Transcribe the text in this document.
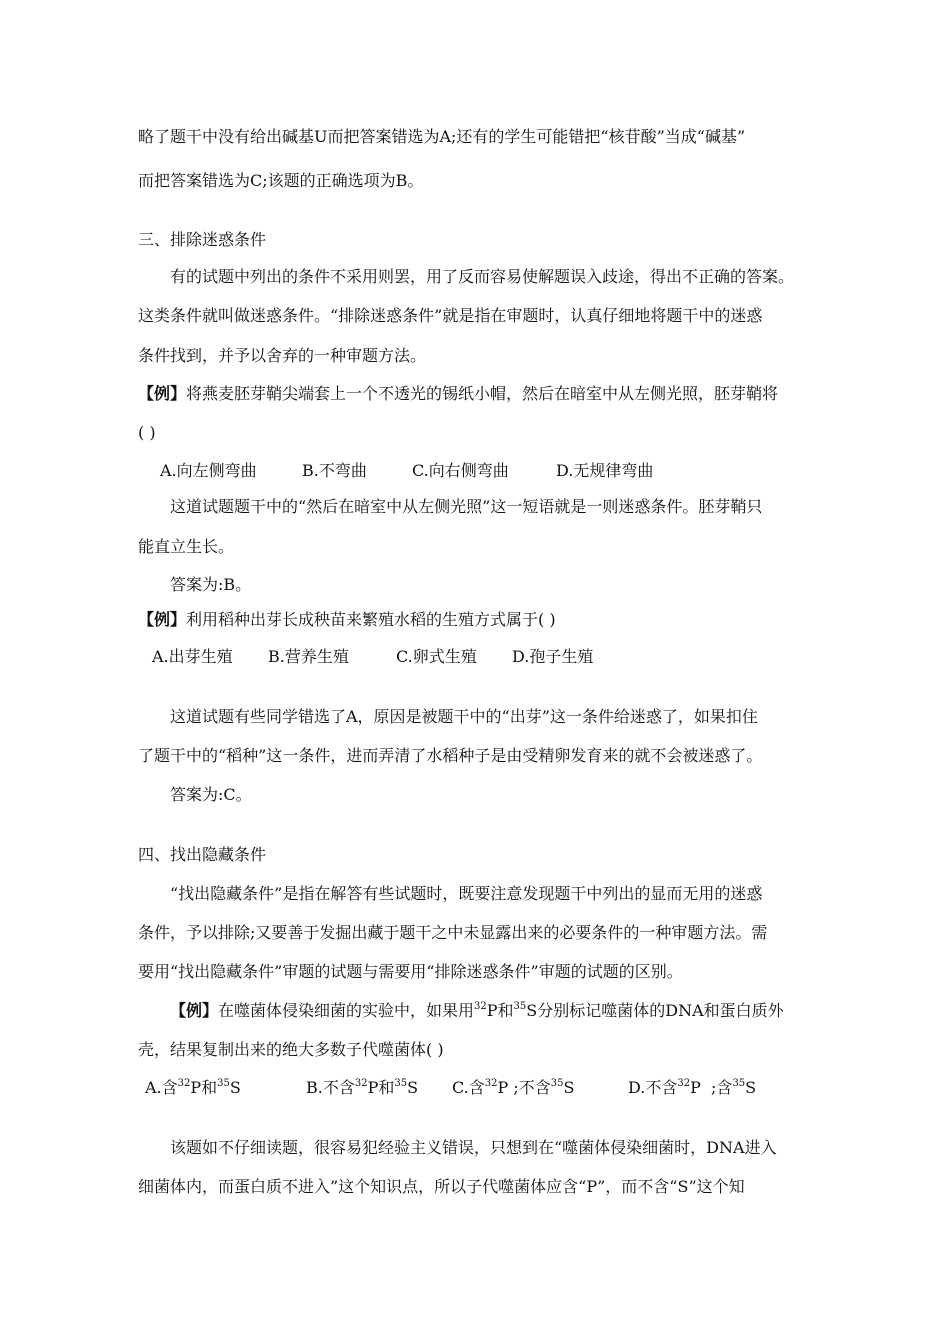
略了题干中没有给出碱基U而把答案错选为A;还有的学生可能错把“核苷酸”当成“碱基”
而把答案错选为C;该题的正确选项为B。
三、排除迷惑条件
有的试题中列出的条件不采用则罢，用了反而容易使解题误入歧途，得出不正确的答案。
这类条件就叫做迷惑条件。“排除迷惑条件”就是指在审题时，认真仔细地将题干中的迷惑
条件找到，并予以舍弃的一种审题方法。
【例】将燕麦胚芽鞘尖端套上一个不透光的锡纸小帽，然后在暗室中从左侧光照，胚芽鞘将
( )
A.向左侧弯曲	B.不弯曲	C.向右侧弯曲	D.无规律弯曲
这道试题题干中的“然后在暗室中从左侧光照”这一短语就是一则迷惑条件。胚芽鞘只
能直立生长。
答案为:B。
【例】利用稻种出芽长成秧苗来繁殖水稻的生殖方式属于( )
A.出芽生殖 B.营养生殖	C.卵式生殖 D.孢子生殖
这道试题有些同学错选了A，原因是被题干中的“出芽”这一条件给迷惑了，如果扣住
了题干中的“稻种”这一条件，进而弄清了水稻种子是由受精卵发育来的就不会被迷惑了。
答案为:C。
四、找出隐藏条件
“找出隐藏条件”是指在解答有些试题时，既要注意发现题干中列出的显而无用的迷惑
条件，予以排除;又要善于发掘出藏于题干之中未显露出来的必要条件的一种审题方法。需
要用“找出隐藏条件”审题的试题与需要用“排除迷惑条件”审题的试题的区别。
【例】在噬菌体侵染细菌的实验中，如果用$^{32}$P和$^{35}$S分别标记噬菌体的DNA和蛋白质外
壳，结果复制出来的绝大多数子代噬菌体( )
A.含$^{32}$P和$^{35}$S	B.不含$^{32}$P和$^{35}$S C.含$^{32}$P ;不含$^{35}$S	D.不含$^{32}$P  ;含$^{35}$S
该题如不仔细读题，很容易犯经验主义错误，只想到在“噬菌体侵染细菌时，DNA进入
细菌体内，而蛋白质不进入”这个知识点，所以子代噬菌体应含“P”，而不含“S”这个知
